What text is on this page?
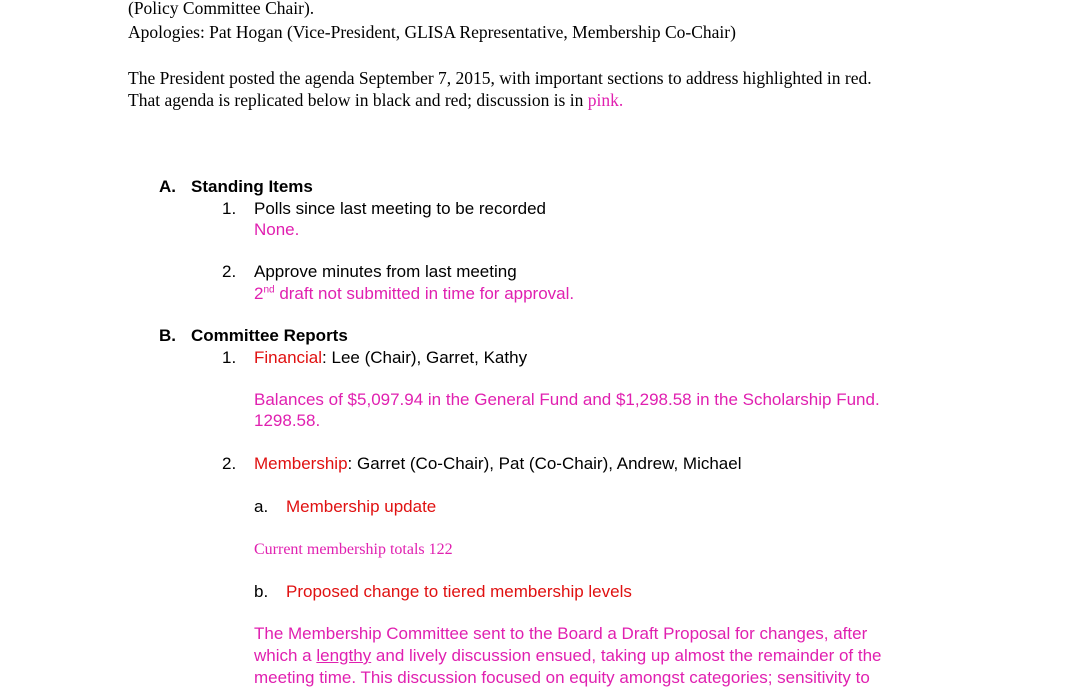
(Policy Committee Chair).
Apologies: Pat Hogan (Vice-President, GLISA Representative, Membership Co-Chair)
The President posted the agenda September 7, 2015, with important sections to address highlighted in red.
That agenda is replicated below in black and red; discussion is in pink.
A. Standing Items
1. Polls since last meeting to be recorded
None.
2. Approve minutes from last meeting
2nd draft not submitted in time for approval.
B. Committee Reports
1. Financial: Lee (Chair), Garret, Kathy
Balances of $5,097.94 in the General Fund and $1,298.58 in the Scholarship Fund.
1298.58.
2. Membership: Garret (Co-Chair), Pat (Co-Chair), Andrew, Michael
a. Membership update
Current membership totals 122
b. Proposed change to tiered membership levels
The Membership Committee sent to the Board a Draft Proposal for changes, after
which a lengthy and lively discussion ensued, taking up almost the remainder of the
meeting time. This discussion focused on equity amongst categories; sensitivity to
